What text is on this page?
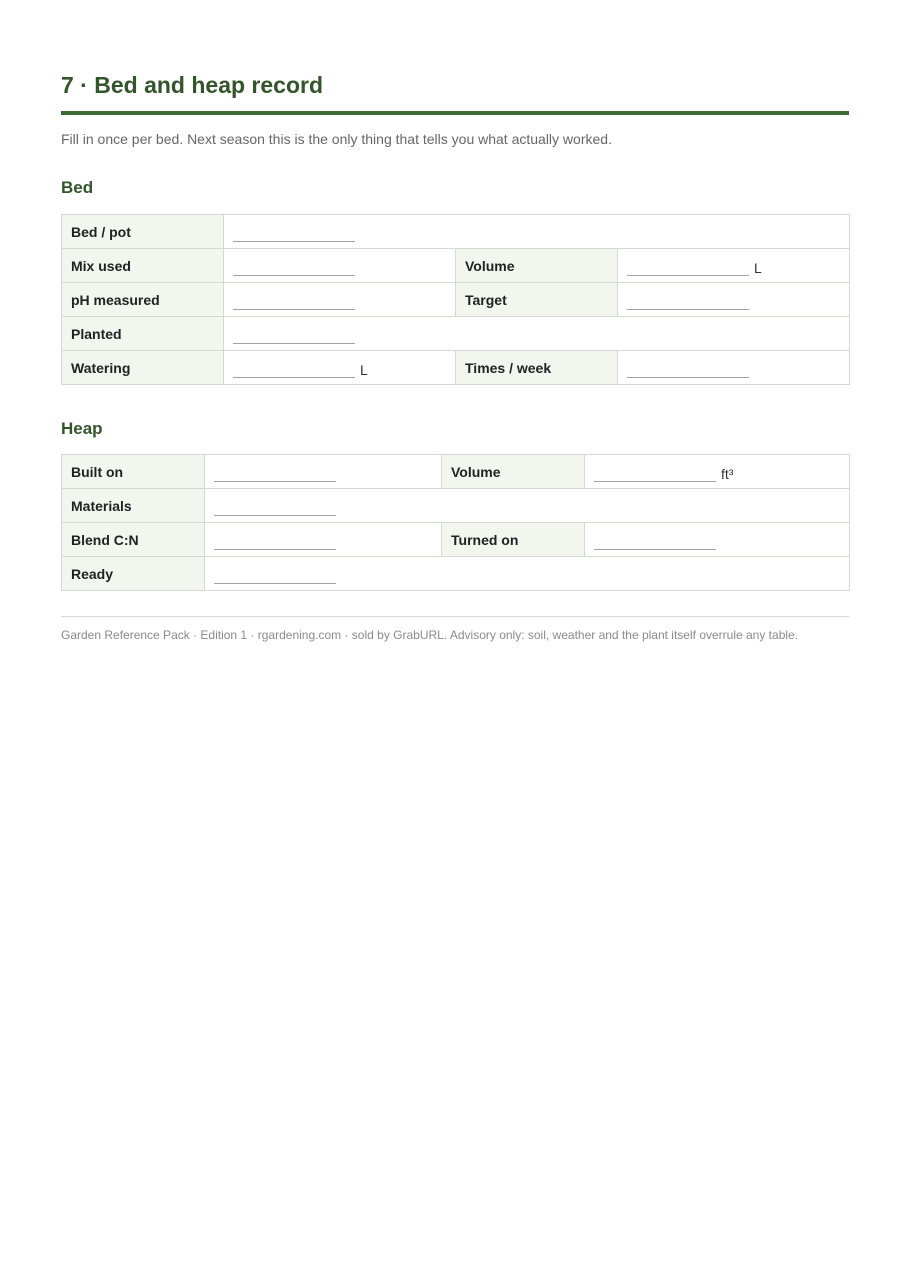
7 · Bed and heap record

Fill in once per bed. Next season this is the only thing that tells you what actually worked.

Bed
Bed / pot			
Mix used		Volume	L
pH measured		Target	
Planted			
Watering	L	Times / week	
Heap
Built on		Volume	ft³
Materials			
Blend C:N		Turned on	
Ready			
Garden Reference Pack · Edition 1 · rgardening.com · sold by GrabURL. Advisory only: soil, weather and the plant itself overrule any table.
